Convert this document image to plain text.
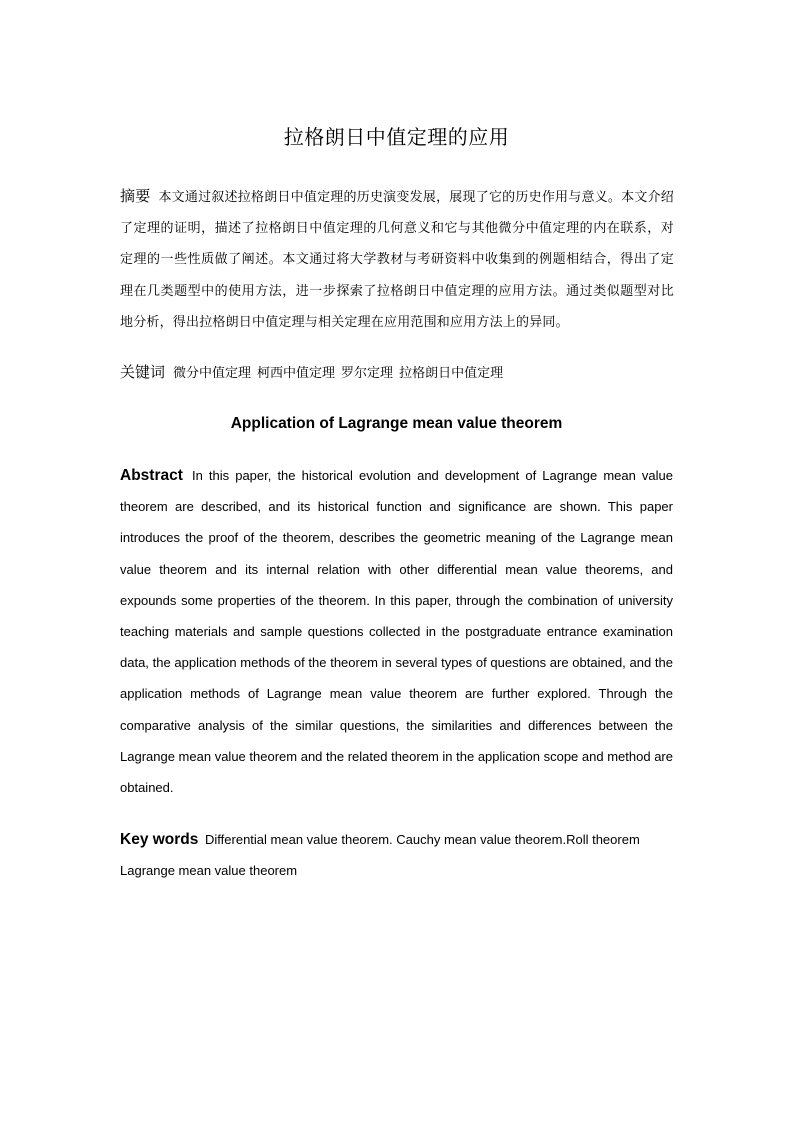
拉格朗日中值定理的应用
摘要 本文通过叙述拉格朗日中值定理的历史演变发展，展现了它的历史作用与意义。本文介绍了定理的证明，描述了拉格朗日中值定理的几何意义和它与其他微分中值定理的内在联系，对定理的一些性质做了阐述。本文通过将大学教材与考研资料中收集到的例题相结合，得出了定理在几类题型中的使用方法，进一步探索了拉格朗日中值定理的应用方法。通过类似题型对比地分析，得出拉格朗日中值定理与相关定理在应用范围和应用方法上的异同。
关键词 微分中值定理 柯西中值定理 罗尔定理 拉格朗日中值定理
Application of Lagrange mean value theorem
Abstract In this paper, the historical evolution and development of Lagrange mean value theorem are described, and its historical function and significance are shown. This paper introduces the proof of the theorem, describes the geometric meaning of the Lagrange mean value theorem and its internal relation with other differential mean value theorems, and expounds some properties of the theorem. In this paper, through the combination of university teaching materials and sample questions collected in the postgraduate entrance examination data, the application methods of the theorem in several types of questions are obtained, and the application methods of Lagrange mean value theorem are further explored. Through the comparative analysis of the similar questions, the similarities and differences between the Lagrange mean value theorem and the related theorem in the application scope and method are obtained.
Key words Differential mean value theorem. Cauchy mean value theorem.Roll theorem Lagrange mean value theorem
